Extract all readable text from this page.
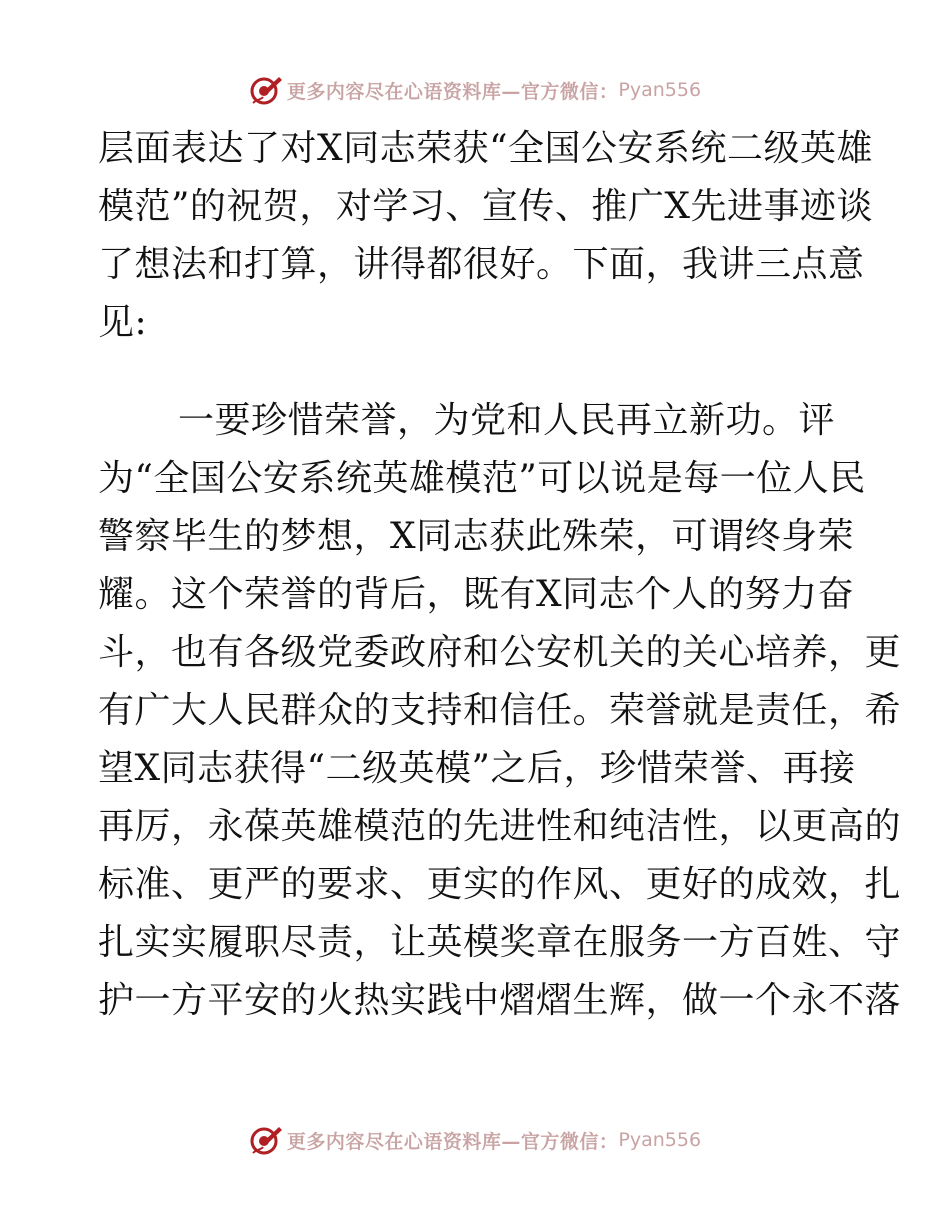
更多内容尽在心语资料库—官方微信： Pyan556
层面表达了对X同志荣获“全国公安系统二级英雄
模范”的祝贺，对学习、宣传、推广X先进事迹谈
了想法和打算，讲得都很好。下面，我讲三点意
见:
一要珍惜荣誉，为党和人民再立新功。评
为“全国公安系统英雄模范”可以说是每一位人民
警察毕生的梦想，X同志获此殊荣，可谓终身荣
耀。这个荣誉的背后，既有X同志个人的努力奋
斗，也有各级党委政府和公安机关的关心培养，更
有广大人民群众的支持和信任。荣誉就是责任，希
望X同志获得“二级英模”之后，珍惜荣誉、再接
再厉，永葆英雄模范的先进性和纯洁性，以更高的
标准、更严的要求、更实的作风、更好的成效，扎
扎实实履职尽责，让英模奖章在服务一方百姓、守
护一方平安的火热实践中熠熠生辉，做一个永不落
更多内容尽在心语资料库—官方微信： Pyan556
